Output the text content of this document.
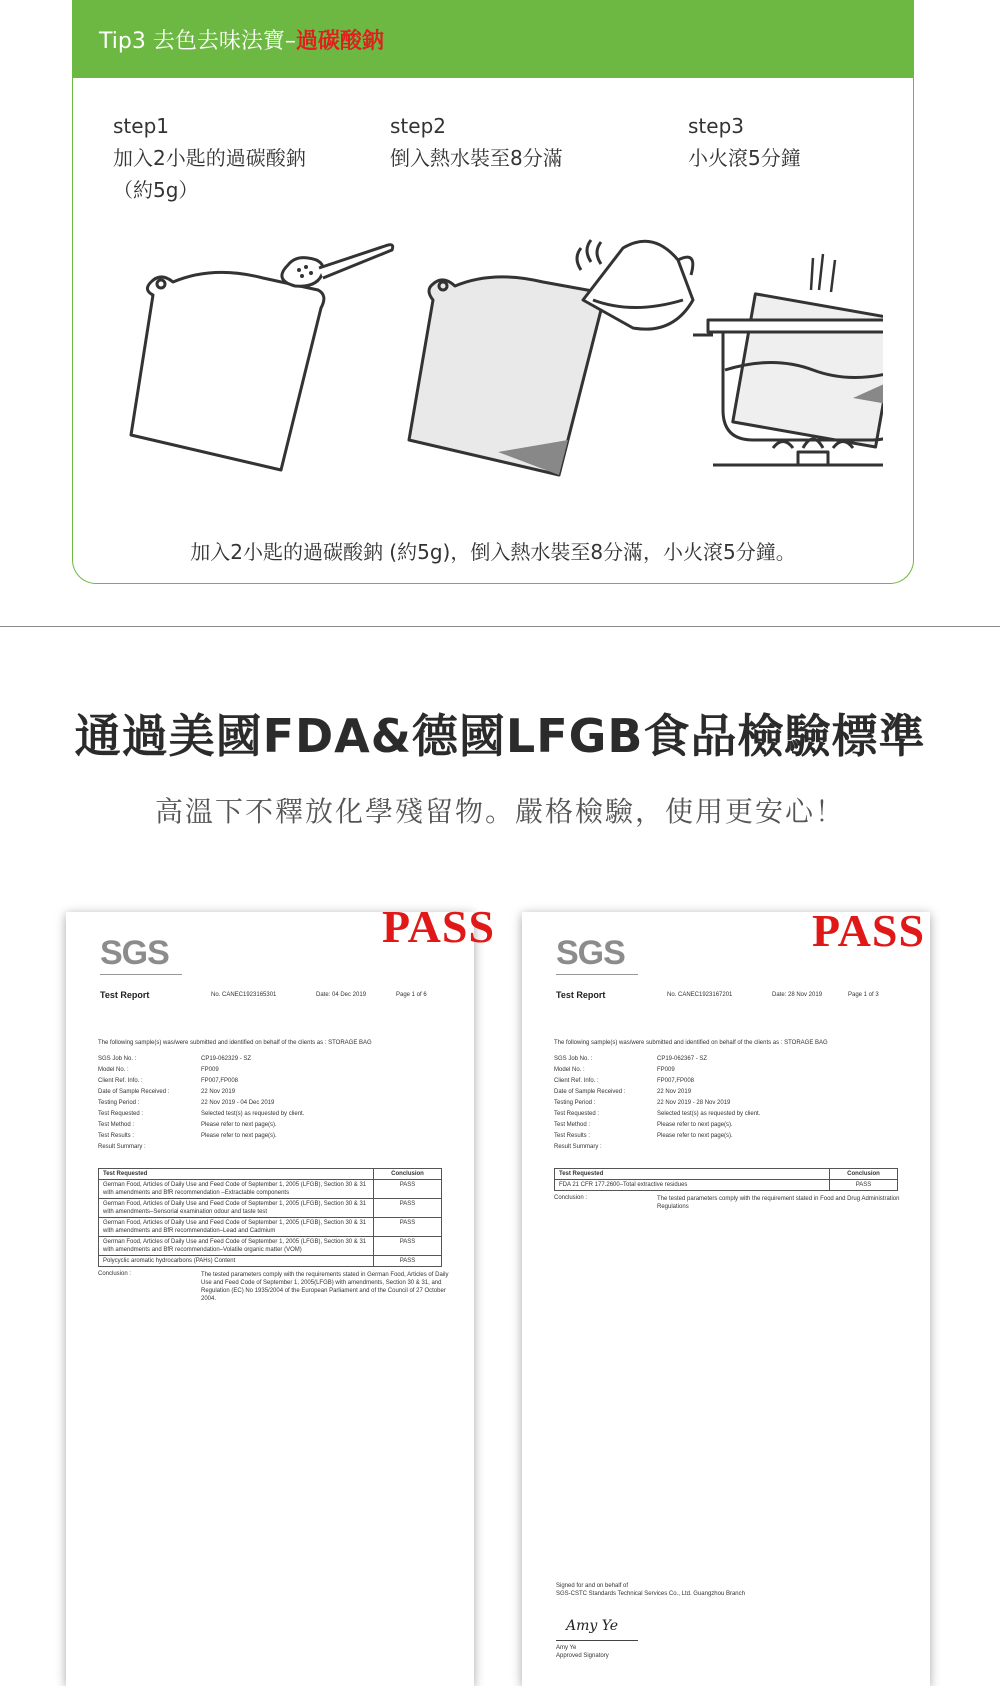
Tip3 去色去味法寶– 過碳酸鈉
step1
加入2小匙的過碳酸鈉
（約5g）
step2
倒入熱水裝至8分滿
step3
小火滾5分鐘
加入2小匙的過碳酸鈉 (約5g)，倒入熱水裝至8分滿，小火滾5分鐘。
通過美國FDA&德國LFGB食品檢驗標準
高溫下不釋放化學殘留物。嚴格檢驗，使用更安心！
SGS
PASS
Test Report	No. CANEC1923165301	Date: 04 Dec 2019	Page 1 of 6
The following sample(s) was/were submitted and identified on behalf of the clients as : STORAGE BAG
SGS Job No. :	CP19-062329 - SZ
Model No. :	FP009
Client Ref. Info. :	FP007,FP008
Date of Sample Received :	22 Nov 2019
Testing Period :	22 Nov 2019 - 04 Dec 2019
Test Requested :	Selected test(s) as requested by client.
Test Method :	Please refer to next page(s).
Test Results :	Please refer to next page(s).
Result Summary :
Test Requested	Conclusion
German Food, Articles of Daily Use and Feed Code of September 1, 2005 (LFGB), Section 30 & 31 with amendments and BfR recommendation –Extractable components
PASS
German Food, Articles of Daily Use and Feed Code of September 1, 2005 (LFGB), Section 30 & 31 with amendments–Sensorial examination odour and taste test
PASS
German Food, Articles of Daily Use and Feed Code of September 1, 2005 (LFGB), Section 30 & 31 with amendments and BfR recommendation–Lead and Cadmium
PASS
German Food, Articles of Daily Use and Feed Code of September 1, 2005 (LFGB), Section 30 & 31 with amendments and BfR recommendation–Volatile organic matter (VOM)
PASS
Polycyclic aromatic hydrocarbons (PAHs) Content	PASS
Conclusion :	The tested parameters comply with the requirements stated in German Food, Articles of Daily Use and Feed Code of September 1, 2005(LFGB) with amendments, Section 30 & 31, and Regulation (EC) No 1935/2004 of the European Parliament and of the Council of 27 October 2004.
SGS	PASS
Test Report	No. CANEC1923167201	Date: 28 Nov 2019	Page 1 of 3
The following sample(s) was/were submitted and identified on behalf of the clients as : STORAGE BAG
SGS Job No. :	CP19-062367 - SZ
Model No. :	FP009
Client Ref. Info. :	FP007,FP008
Date of Sample Received :	22 Nov 2019
Testing Period :	22 Nov 2019 - 28 Nov 2019
Test Requested :	Selected test(s) as requested by client.
Test Method :	Please refer to next page(s).
Test Results :	Please refer to next page(s).
Result Summary :
Test Requested	Conclusion
FDA 21 CFR 177.2600–Total extractive residues	PASS
Conclusion :	The tested parameters comply with the requirement stated in Food and Drug Administration Regulations
Signed for and on behalf of
SGS-CSTC Standards Technical Services Co., Ltd. Guangzhou Branch
Amy Ye
Amy Ye
Approved Signatory
